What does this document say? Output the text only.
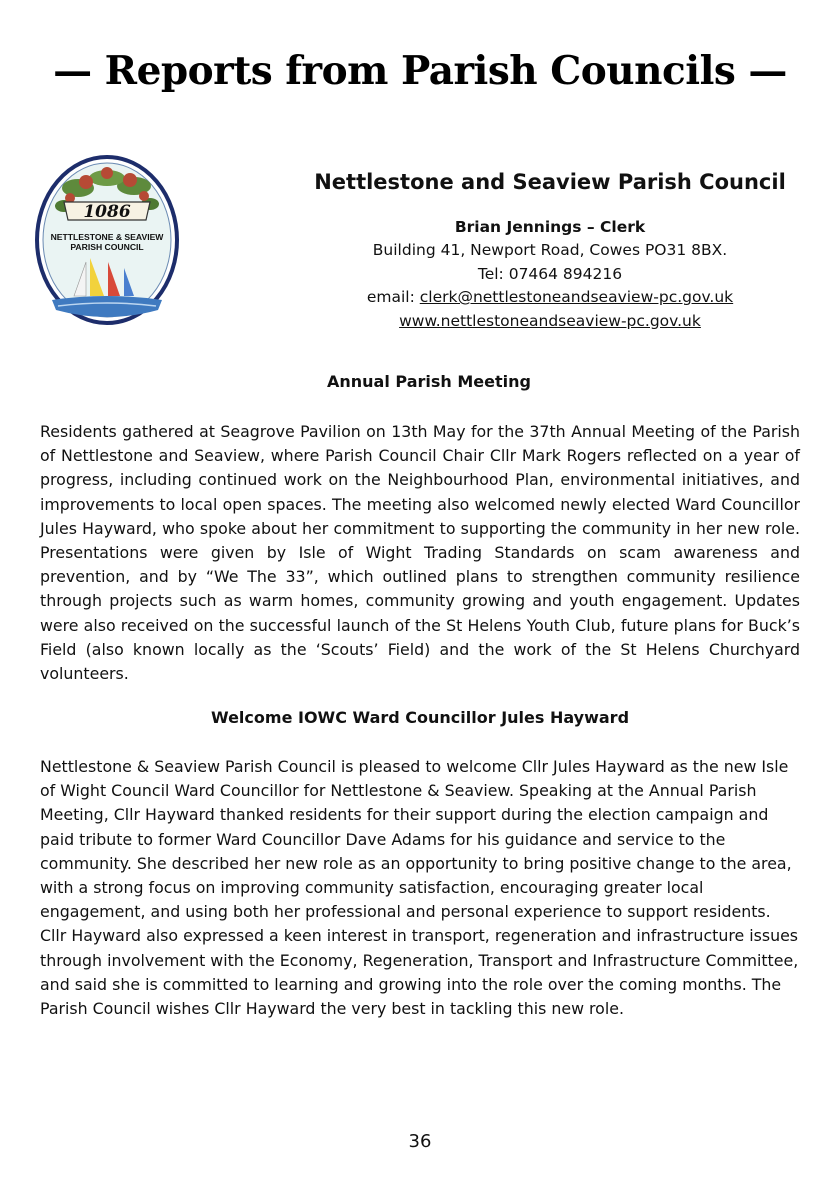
— Reports from Parish Councils —
1086
NETTLESTONE & SEAVIEW
PARISH COUNCIL
Nettlestone and Seaview Parish Council
Brian Jennings – Clerk
Building 41, Newport Road, Cowes PO31 8BX.
Tel: 07464 894216
email: clerk@nettlestoneandseaview-pc.gov.uk
www.nettlestoneandseaview-pc.gov.uk
Annual Parish Meeting

Residents gathered at Seagrove Pavilion on 13th May for the 37th Annual Meeting of the Parish of Nettlestone and Seaview, where Parish Council Chair Cllr Mark Rogers reflected on a year of progress, including continued work on the Neighbourhood Plan, environmental initiatives, and improvements to local open spaces. The meeting also welcomed newly elected Ward Councillor Jules Hayward, who spoke about her commitment to supporting the community in her new role. Presentations were given by Isle of Wight Trading Standards on scam awareness and prevention, and by “We The 33”, which outlined plans to strengthen community resilience through projects such as warm homes, community growing and youth engagement. Updates were also received on the successful launch of the St Helens Youth Club, future plans for Buck’s Field (also known locally as the ‘Scouts’ Field) and the work of the St Helens Churchyard volunteers.

Welcome IOWC Ward Councillor Jules Hayward

Nettlestone & Seaview Parish Council is pleased to welcome Cllr Jules Hayward as the new Isle of Wight Council Ward Councillor for Nettlestone & Seaview. Speaking at the Annual Parish Meeting, Cllr Hayward thanked residents for their support during the election campaign and paid tribute to former Ward Councillor Dave Adams for his guidance and service to the community. She described her new role as an opportunity to bring positive change to the area, with a strong focus on improving community satisfaction, encouraging greater local engagement, and using both her professional and personal experience to support residents. Cllr Hayward also expressed a keen interest in transport, regeneration and infrastructure issues through involvement with the Economy, Regeneration, Transport and Infrastructure Committee, and said she is committed to learning and growing into the role over the coming months. The Parish Council wishes Cllr Hayward the very best in tackling this new role.

36
